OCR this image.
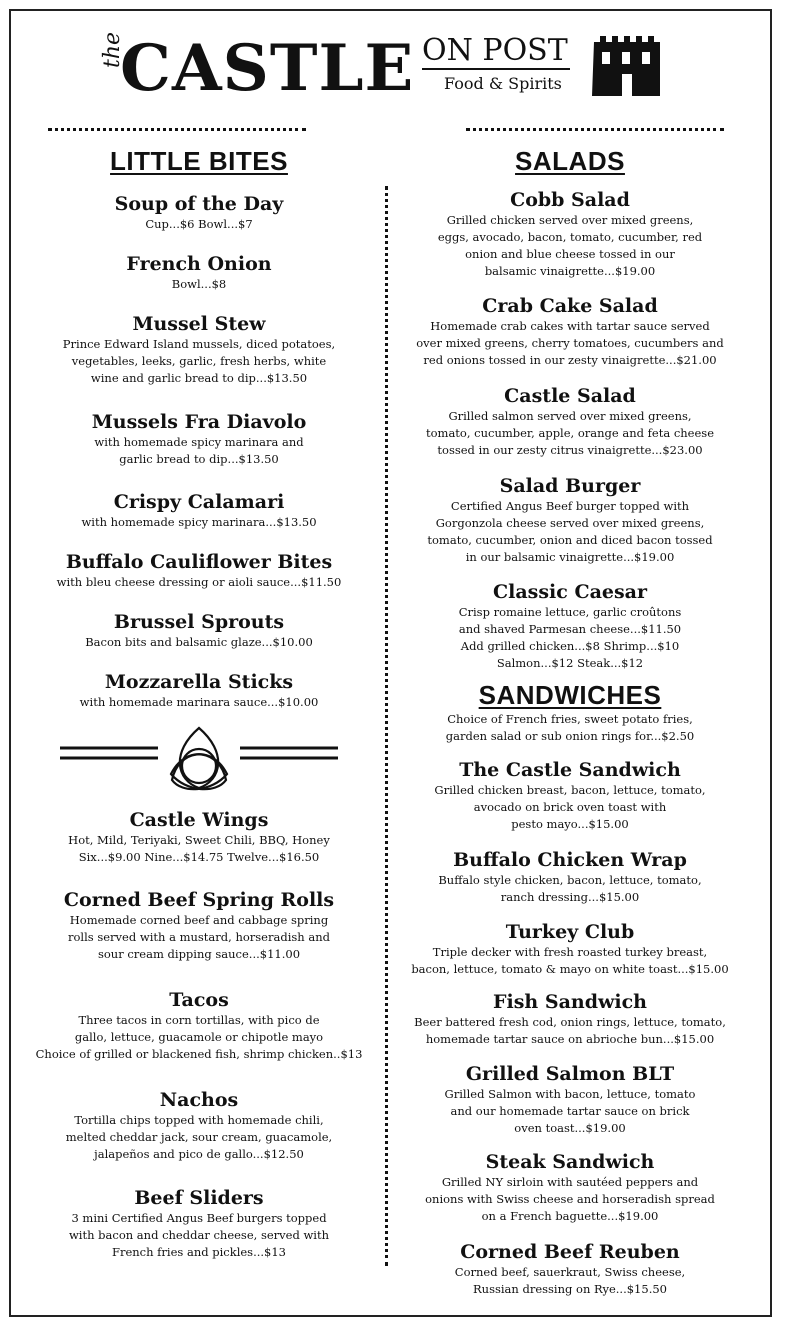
the
CASTLE ON POST
Food & Spirits
LITTLE BITES
Soup of the Day
Cup...$6 Bowl...$7
French Onion
Bowl...$8
Mussel Stew
Prince Edward Island mussels, diced potatoes,
vegetables, leeks, garlic, fresh herbs, white
wine and garlic bread to dip...$13.50
Mussels Fra Diavolo
with homemade spicy marinara and
garlic bread to dip...$13.50
Crispy Calamari
with homemade spicy marinara...$13.50
Buffalo Cauliflower Bites
with bleu cheese dressing or aioli sauce...$11.50
Brussel Sprouts
Bacon bits and balsamic glaze...$10.00
Mozzarella Sticks
with homemade marinara sauce...$10.00
Castle Wings
Hot, Mild, Teriyaki, Sweet Chili, BBQ, Honey
Six...$9.00 Nine...$14.75 Twelve...$16.50
Corned Beef Spring Rolls
Homemade corned beef and cabbage spring
rolls served with a mustard, horseradish and
sour cream dipping sauce...$11.00
Tacos
Three tacos in corn tortillas, with pico de
gallo, lettuce, guacamole or chipotle mayo
Choice of grilled or blackened fish, shrimp chicken..$13
Nachos
Tortilla chips topped with homemade chili,
melted cheddar jack, sour cream, guacamole,
jalapeños and pico de gallo...$12.50
Beef Sliders
3 mini Certified Angus Beef burgers topped
with bacon and cheddar cheese, served with
French fries and pickles...$13
SALADS
Cobb Salad
Grilled chicken served over mixed greens,
eggs, avocado, bacon, tomato, cucumber, red
onion and blue cheese tossed in our
balsamic vinaigrette...$19.00
Crab Cake Salad
Homemade crab cakes with tartar sauce served
over mixed greens, cherry tomatoes, cucumbers and
red onions tossed in our zesty vinaigrette...$21.00
Castle Salad
Grilled salmon served over mixed greens,
tomato, cucumber, apple, orange and feta cheese
tossed in our zesty citrus vinaigrette...$23.00
Salad Burger
Certified Angus Beef burger topped with
Gorgonzola cheese served over mixed greens,
tomato, cucumber, onion and diced bacon tossed
in our balsamic vinaigrette...$19.00
Classic Caesar
Crisp romaine lettuce, garlic croûtons
and shaved Parmesan cheese...$11.50
Add grilled chicken...$8 Shrimp...$10
Salmon...$12 Steak...$12
SANDWICHES
Choice of French fries, sweet potato fries,
garden salad or sub onion rings for...$2.50
The Castle Sandwich
Grilled chicken breast, bacon, lettuce, tomato,
avocado on brick oven toast with
pesto mayo...$15.00
Buffalo Chicken Wrap
Buffalo style chicken, bacon, lettuce, tomato,
ranch dressing...$15.00
Turkey Club
Triple decker with fresh roasted turkey breast,
bacon, lettuce, tomato & mayo on white toast...$15.00
Fish Sandwich
Beer battered fresh cod, onion rings, lettuce, tomato,
homemade tartar sauce on abrioche bun...$15.00
Grilled Salmon BLT
Grilled Salmon with bacon, lettuce, tomato
and our homemade tartar sauce on brick
oven toast...$19.00
Steak Sandwich
Grilled NY sirloin with sautéed peppers and
onions with Swiss cheese and horseradish spread
on a French baguette...$19.00
Corned Beef Reuben
Corned beef, sauerkraut, Swiss cheese,
Russian dressing on Rye...$15.50
